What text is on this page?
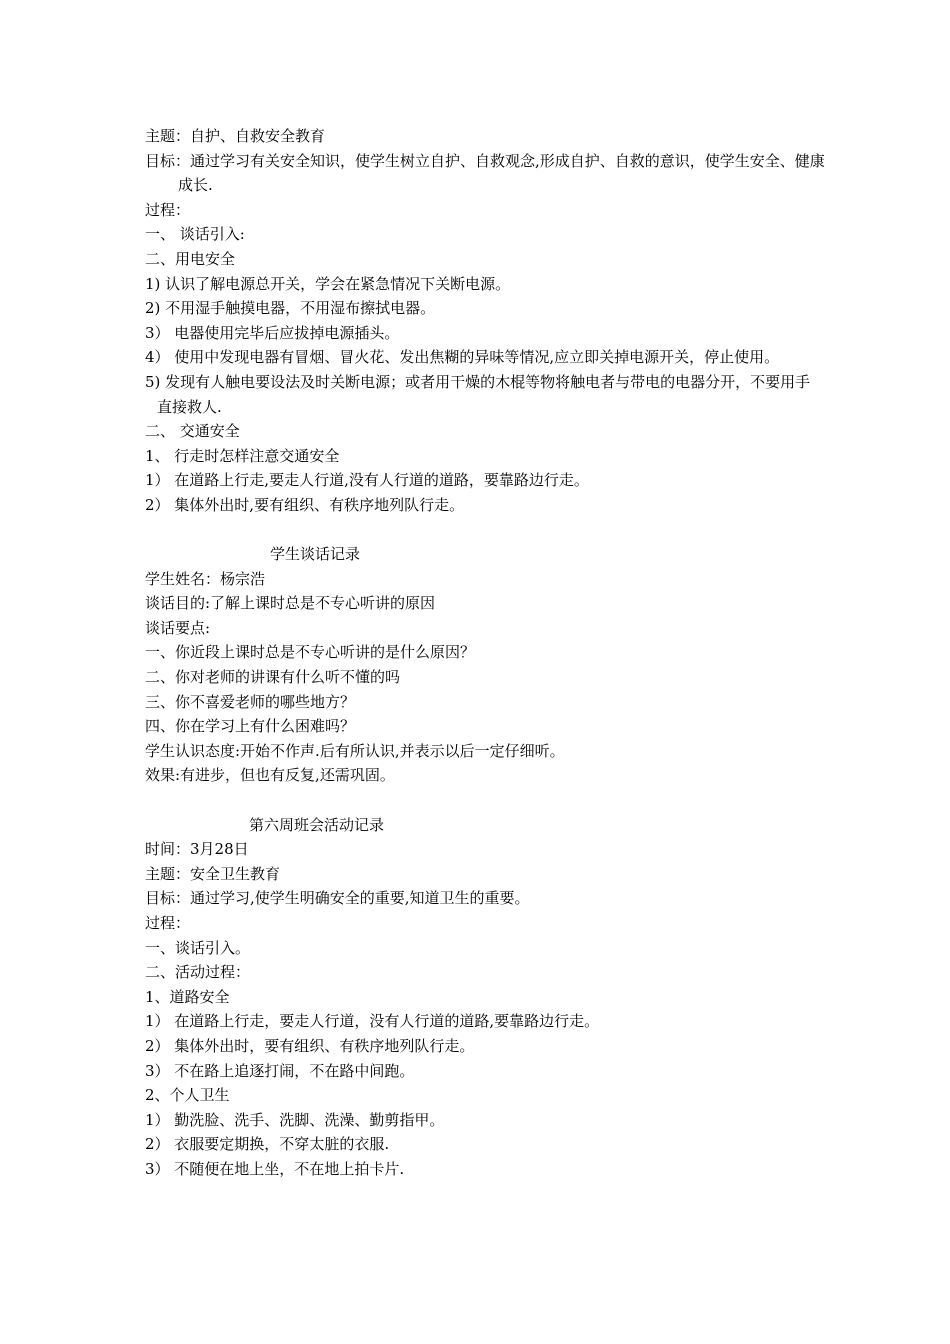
主题：自护、自救安全教育
目标：通过学习有关安全知识，使学生树立自护、自救观念,形成自护、自救的意识，使学生安全、健康成长.
过程：
一、 谈话引入:
二、用电安全
1) 认识了解电源总开关，学会在紧急情况下关断电源。
2) 不用湿手触摸电器，不用湿布擦拭电器。
3） 电器使用完毕后应拔掉电源插头。
4） 使用中发现电器有冒烟、冒火花、发出焦糊的异味等情况,应立即关掉电源开关，停止使用。
5) 发现有人触电要设法及时关断电源；或者用干燥的木棍等物将触电者与带电的电器分开，不要用手直接救人.
二、 交通安全
1、 行走时怎样注意交通安全
1） 在道路上行走,要走人行道,没有人行道的道路，要靠路边行走。
2） 集体外出时,要有组织、有秩序地列队行走。
学生谈话记录
学生姓名：杨宗浩
谈话目的:了解上课时总是不专心听讲的原因
谈话要点:
一、你近段上课时总是不专心听讲的是什么原因？
二、你对老师的讲课有什么听不懂的吗
三、你不喜爱老师的哪些地方？
四、你在学习上有什么困难吗？
学生认识态度:开始不作声.后有所认识,并表示以后一定仔细听。
效果:有进步，但也有反复,还需巩固。
第六周班会活动记录
时间：3月28日
主题：安全卫生教育
目标：通过学习,使学生明确安全的重要,知道卫生的重要。
过程：
一、谈话引入。
二、活动过程：
1、道路安全
1） 在道路上行走，要走人行道，没有人行道的道路,要靠路边行走。
2） 集体外出时，要有组织、有秩序地列队行走。
3） 不在路上追逐打闹，不在路中间跑。
2、个人卫生
1） 勤洗脸、洗手、洗脚、洗澡、勤剪指甲。
2） 衣服要定期换，不穿太脏的衣服.
3） 不随便在地上坐，不在地上拍卡片.
